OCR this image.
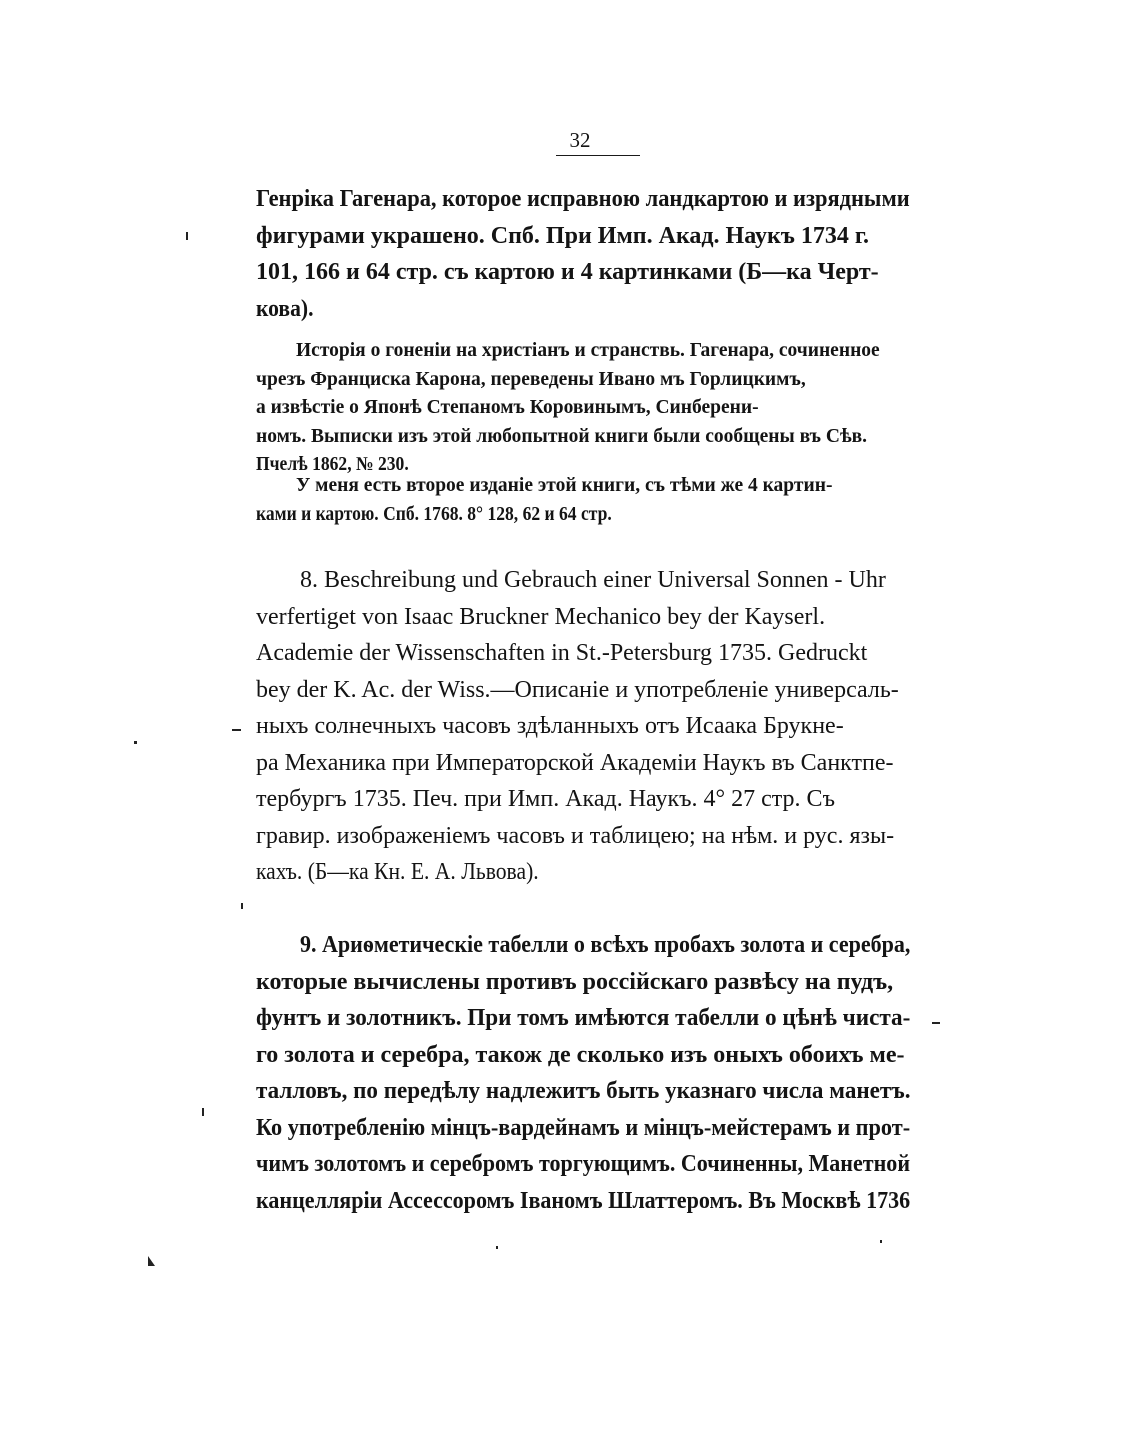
32
Генріка Гагенара, которое исправною ландкартою и изрядными
фигурами украшено. Спб. При Имп. Акад. Наукъ 1734 г.
101, 166 и 64 стр. съ картою и 4 картинками (Б—ка Черт-
кова).
Исторія о гоненіи на христіанъ и странствь. Гагенара, сочиненное
чрезъ Франциска Карона, переведены Ивано мъ Горлицкимъ,
а извѣстіе о Японѣ Степаномъ Коровинымъ, Синберени-
номъ. Выписки изъ этой любопытной книги были сообщены въ Сѣв.
Пчелѣ 1862, № 230.
У меня есть второе изданіе этой книги, съ тѣми же 4 картин-
ками и картою. Спб. 1768. 8° 128, 62 и 64 стр.
8. Beschreibung und Gebrauch einer Universal Sonnen - Uhr
verfertiget von Isaac Bruckner Mechanico bey der Kayserl.
Academie der Wissenschaften in St.-Petersburg 1735. Gedruckt
bey der K. Ac. der Wiss.—Описаніе и употребленіе универсаль-
ныхъ солнечныхъ часовъ здѣланныхъ отъ Исаака Брукне-
ра Механика при Императорской Академіи Наукъ въ Санктпе-
тербургъ 1735. Печ. при Имп. Акад. Наукъ. 4° 27 стр. Съ
гравир. изображеніемъ часовъ и таблицею; на нѣм. и рус. язы-
кахъ. (Б—ка Кн. Е. А. Львова).
9. Ариѳметическіе табелли о всѣхъ пробахъ золота и серебра,
которые вычислены противъ россійскаго развѣсу на пудъ,
фунтъ и золотникъ. При томъ имѣются табелли о цѣнѣ чиста-
го золота и серебра, також де сколько изъ оныхъ обоихъ ме-
талловъ, по передѣлу надлежитъ быть указнаго числа манетъ.
Ко употребленію мінцъ-вардейнамъ и мінцъ-мейстерамъ и прот-
чимъ золотомъ и серебромъ торгующимъ. Сочиненны, Манетной
канцелляріи Ассессоромъ Іваномъ Шлаттеромъ. Въ Москвѣ 1736
